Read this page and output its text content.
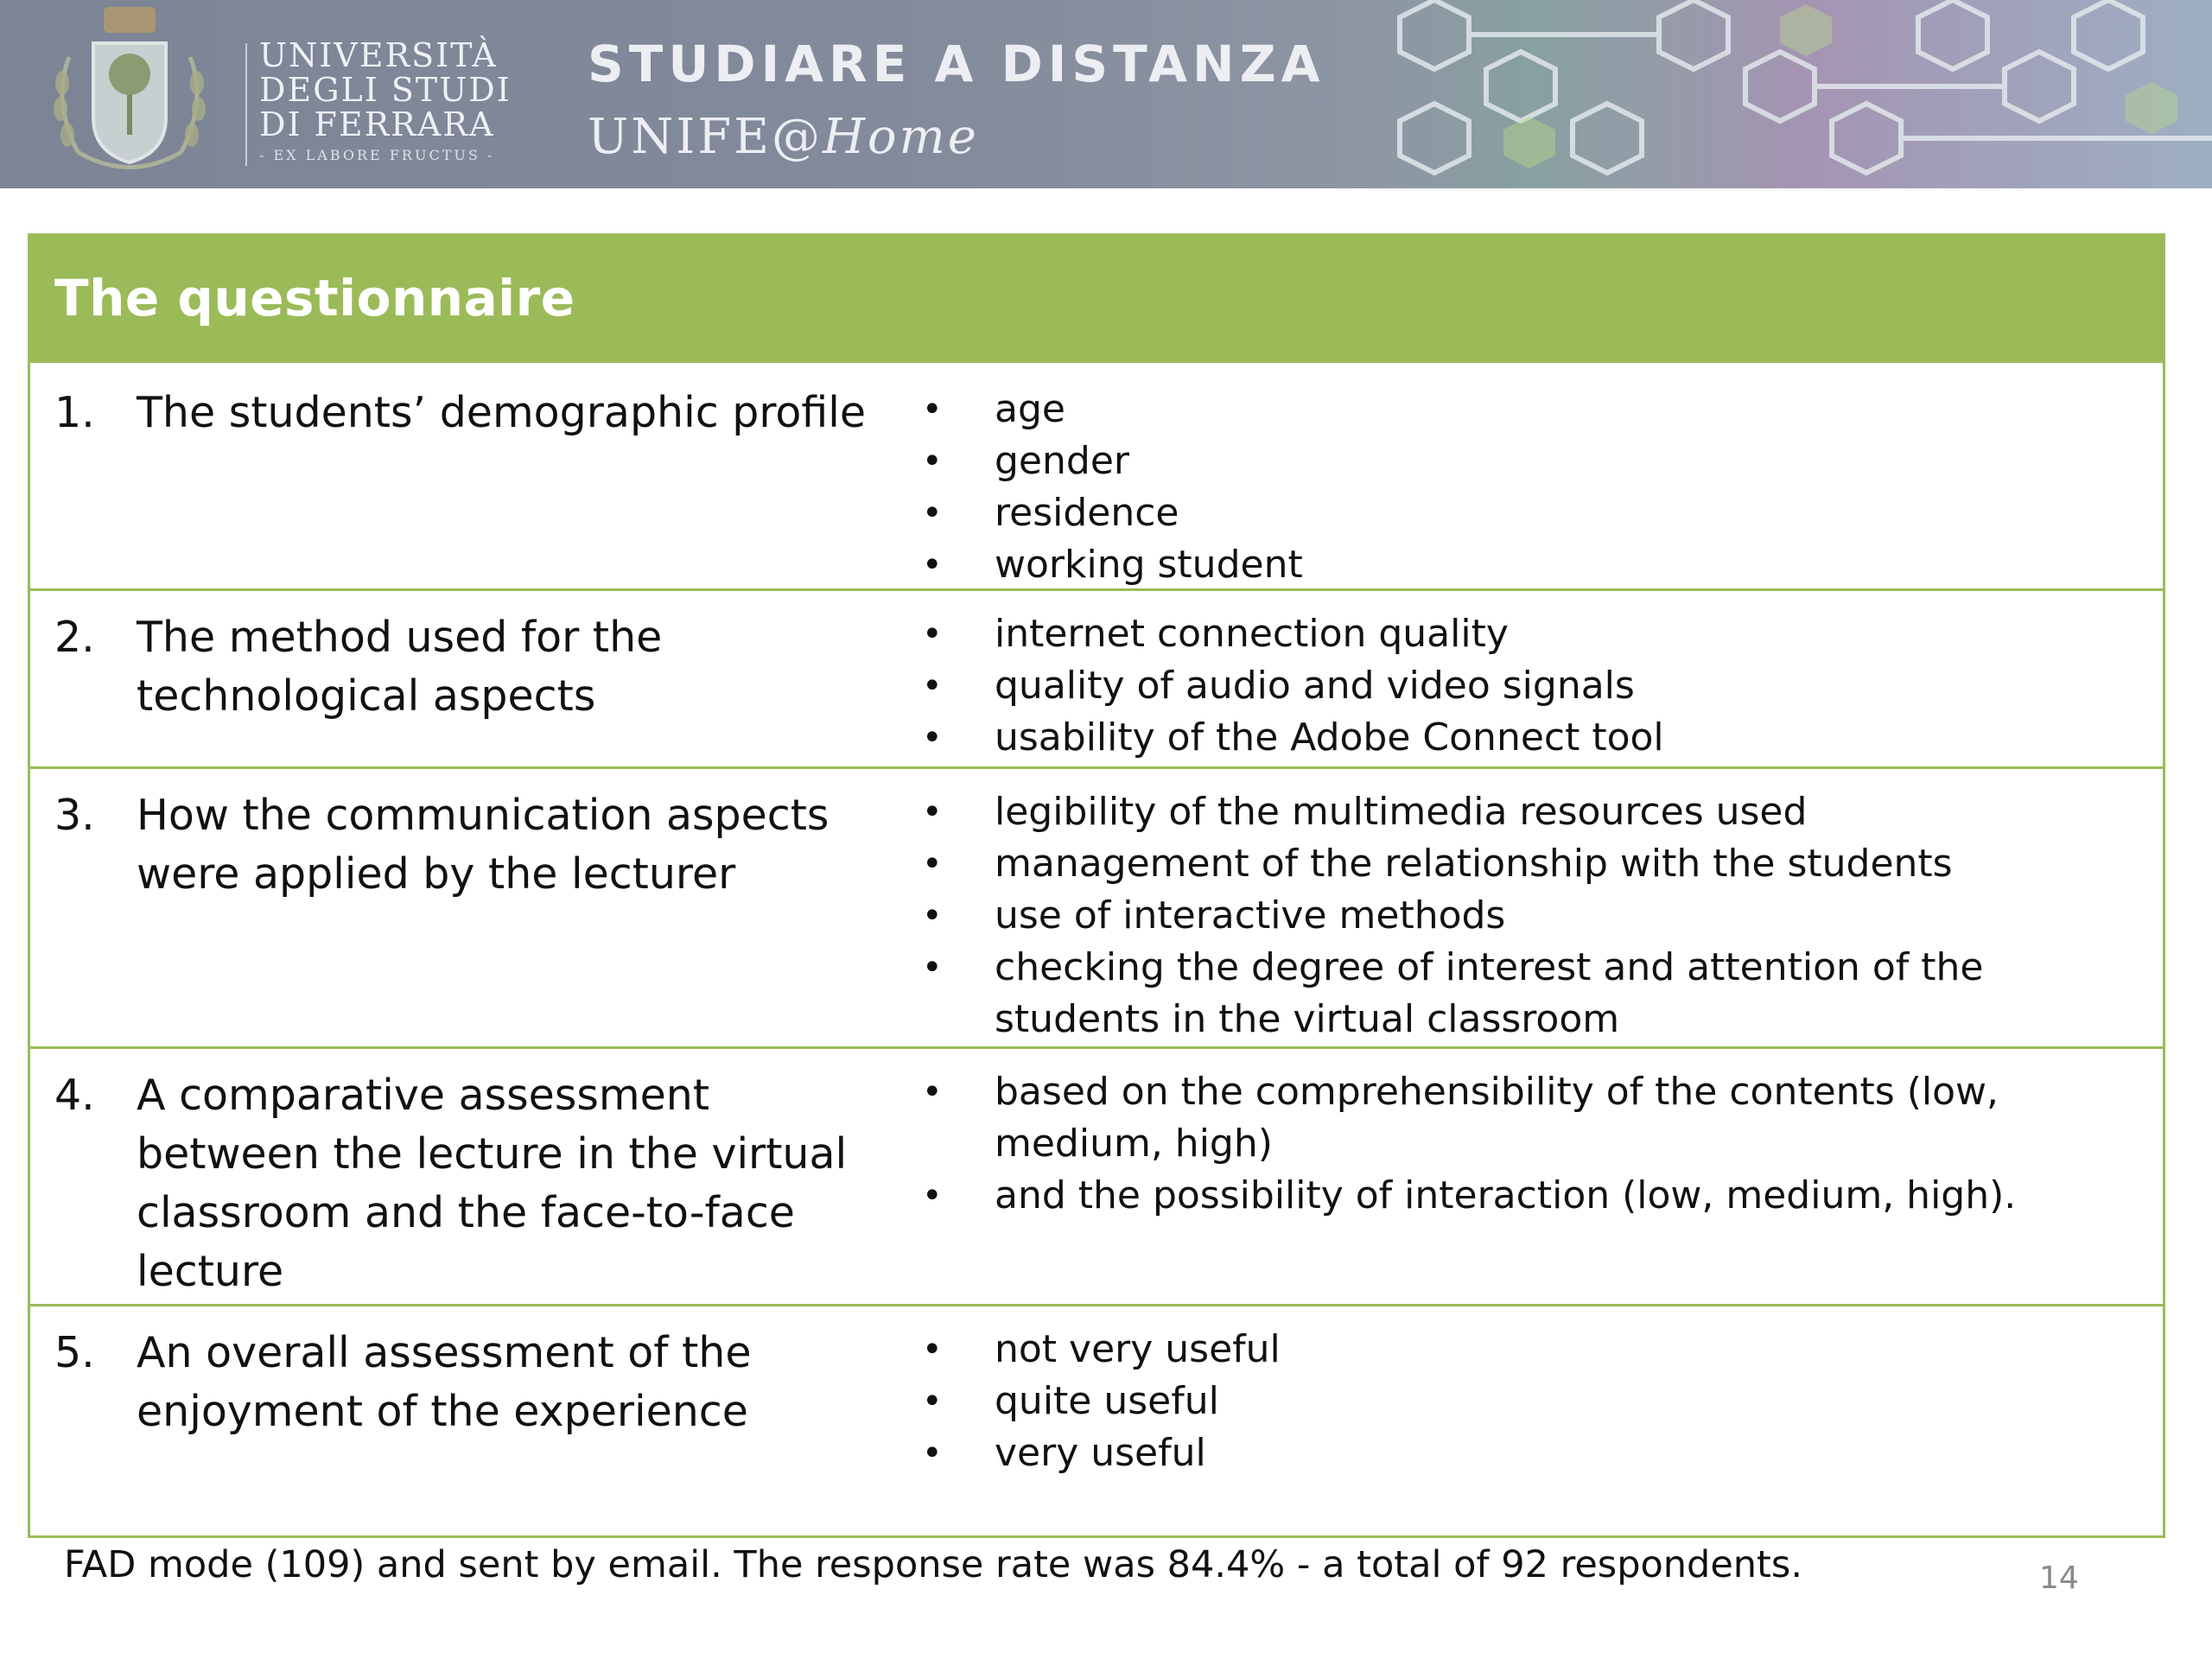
UNIVERSITÀ
DEGLI STUDI
DI FERRARA
- EX LABORE FRUCTUS -
STUDIARE A DISTANZA
UNIFE@Home
The questionnaire
1. The students’ demographic profile
•	age
• gender
• residence
• working student
2. The method used for the technological aspects
• internet connection quality
• quality of audio and video signals
• usability of the Adobe Connect tool
3. How the communication aspects were applied by the lecturer
• legibility of the multimedia resources used
• management of the relationship with the students
• use of interactive methods
• checking the degree of interest and attention of the students in the virtual classroom
4. A comparative assessment between the lecture in the virtual classroom and the face-to-face lecture
• based on the comprehensibility of the contents (low, medium, high)
• and the possibility of interaction (low, medium, high).
5. An overall assessment of the enjoyment of the experience
• not very useful
• quite useful
• very useful
FAD mode (109) and sent by email. The response rate was 84.4% - a total of 92 respondents.	14
